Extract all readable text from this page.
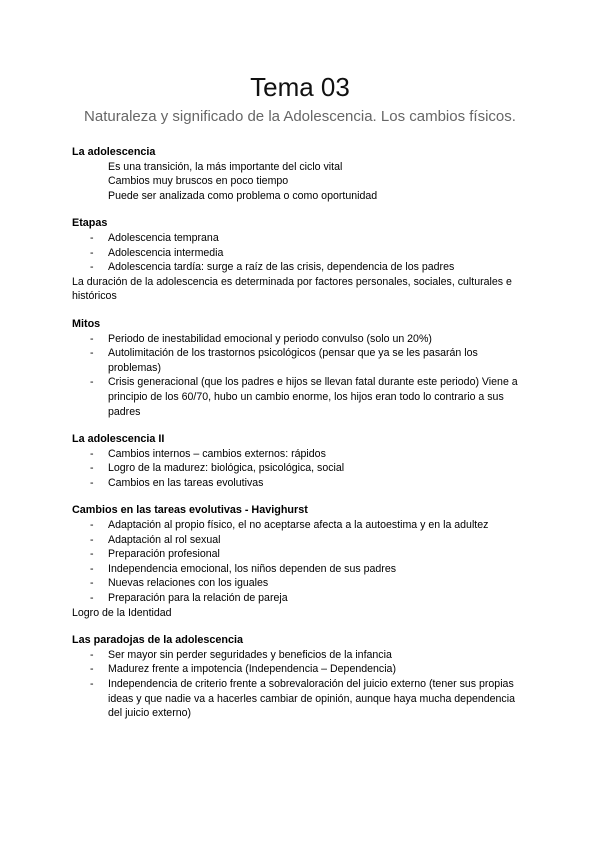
Tema 03

Naturaleza y significado de la Adolescencia. Los cambios físicos.

La adolescencia

Es una transición, la más importante del ciclo vital

Cambios muy bruscos en poco tiempo

Puede ser analizada como problema o como oportunidad

Etapas

- Adolescencia temprana
- Adolescencia intermedia
- Adolescencia tardía: surge a raíz de las crisis, dependencia de los padres

La duración de la adolescencia es determinada por factores personales, sociales, culturales e históricos

Mitos

- Periodo de inestabilidad emocional y periodo convulso (solo un 20%)
- Autolimitación de los trastornos psicológicos (pensar que ya se les pasarán los problemas)
- Crisis generacional (que los padres e hijos se llevan fatal durante este periodo) Viene a principio de los 60/70, hubo un cambio enorme, los hijos eran todo lo contrario a sus padres

La adolescencia II

- Cambios internos – cambios externos: rápidos
- Logro de la madurez: biológica, psicológica, social
- Cambios en las tareas evolutivas

Cambios en las tareas evolutivas - Havighurst

- Adaptación al propio físico, el no aceptarse afecta a la autoestima y en la adultez
- Adaptación al rol sexual
- Preparación profesional
- Independencia emocional, los niños dependen de sus padres
- Nuevas relaciones con los iguales
- Preparación para la relación de pareja

Logro de la Identidad

Las paradojas de la adolescencia

- Ser mayor sin perder seguridades y beneficios de la infancia
- Madurez frente a impotencia (Independencia – Dependencia)
- Independencia de criterio frente a sobrevaloración del juicio externo (tener sus propias ideas y que nadie va a hacerles cambiar de opinión, aunque haya mucha dependencia del juicio externo)
